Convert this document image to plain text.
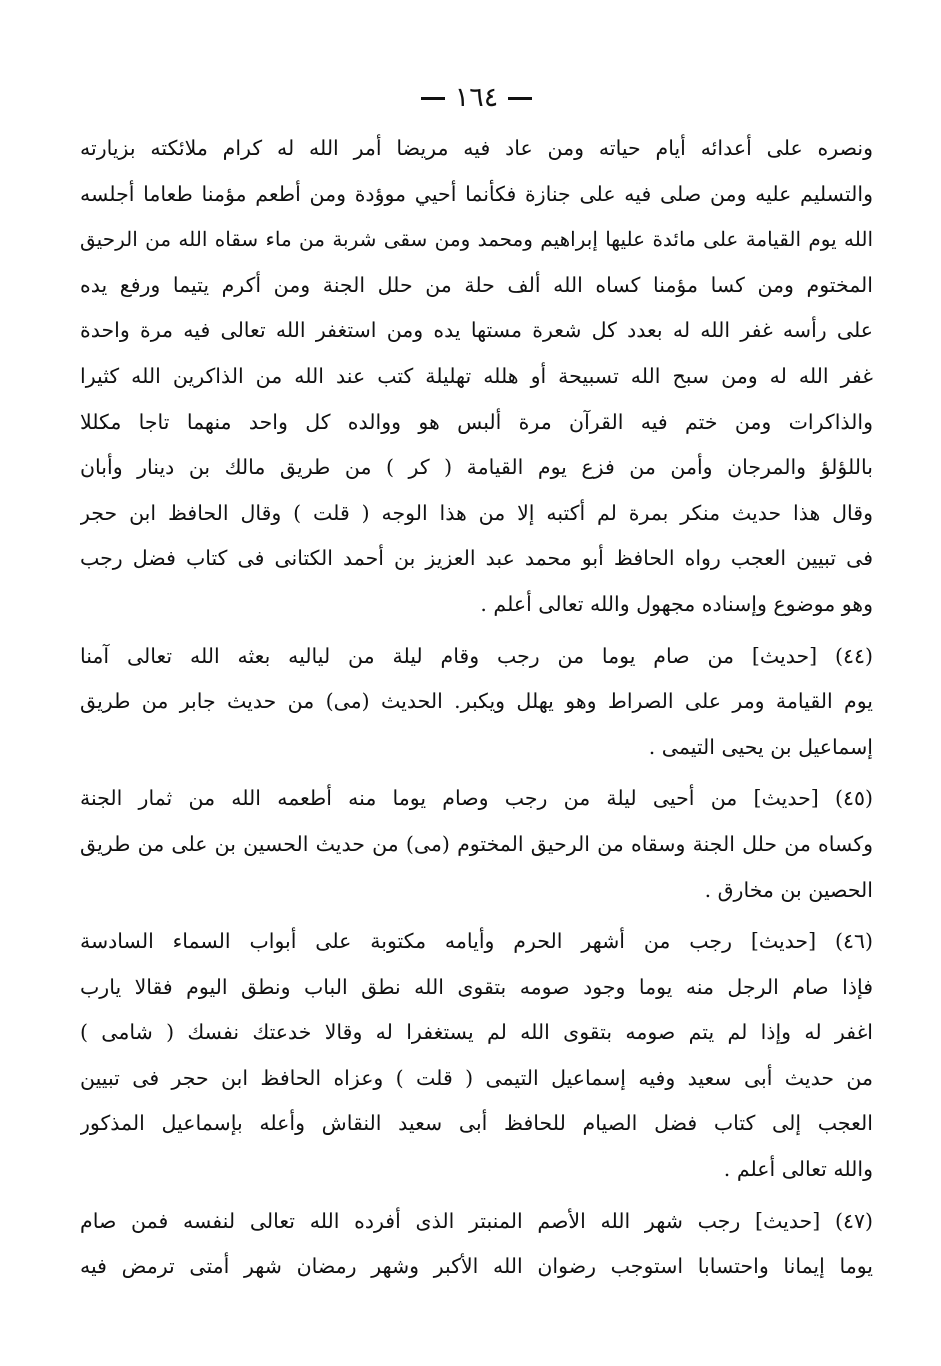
١٦٤
ونصره على أعدائه أيام حياته ومن عاد فيه مريضا أمر الله له كرام ملائكته بزيارته
والتسليم عليه ومن صلى فيه على جنازة فكأنما أحيي موؤدة ومن أطعم مؤمنا طعاما أجلسه
الله يوم القيامة على مائدة عليها إبراهيم ومحمد ومن سقى شربة من ماء سقاه الله من الرحيق
المختوم ومن كسا مؤمنا كساه الله ألف حلة من حلل الجنة ومن أكرم يتيما ورفع يده
على رأسه غفر الله له بعدد كل شعرة مستها يده ومن استغفر الله تعالى فيه مرة واحدة
غفر الله له ومن سبح الله تسبيحة أو هلله تهليلة كتب عند الله من الذاكرين الله كثيرا
والذاكرات ومن ختم فيه القرآن مرة ألبس هو ووالده كل واحد منهما تاجا مكللا
باللؤلؤ والمرجان وأمن من فزع يوم القيامة ( كر ) من طريق مالك بن دينار وأبان
وقال هذا حديث منكر بمرة لم أكتبه إلا من هذا الوجه ( قلت ) وقال الحافظ ابن حجر
فى تبيين العجب رواه الحافظ أبو محمد عبد العزيز بن أحمد الكتانى فى كتاب فضل رجب
وهو موضوع وإسناده مجهول والله تعالى أعلم .
(٤٤) [حديث] من صام يوما من رجب وقام ليلة من لياليه بعثه الله تعالى آمنا
يوم القيامة ومر على الصراط وهو يهلل ويكبر. الحديث (مى) من حديث جابر من طريق
إسماعيل بن يحيى التيمى .
(٤٥) [حديث] من أحيى ليلة من رجب وصام يوما منه أطعمه الله من ثمار الجنة
وكساه من حلل الجنة وسقاه من الرحيق المختوم (مى) من حديث الحسين بن على من طريق
الحصين بن مخارق .
(٤٦) [حديث] رجب من أشهر الحرم وأيامه مكتوبة على أبواب السماء السادسة
فإذا صام الرجل منه يوما وجود صومه بتقوى الله نطق الباب ونطق اليوم فقالا يارب
اغفر له وإذا لم يتم صومه بتقوى الله لم يستغفرا له وقالا خدعتك نفسك ( شامى )
من حديث أبى سعيد وفيه إسماعيل التيمى ( قلت ) وعزاه الحافظ ابن حجر فى تبيين
العجب إلى كتاب فضل الصيام للحافظ أبى سعيد النقاش وأعله بإسماعيل المذكور
والله تعالى أعلم .
(٤٧) [حديث] رجب شهر الله الأصم المنبتر الذى أفرده الله تعالى لنفسه فمن صام
يوما إيمانا واحتسابا استوجب رضوان الله الأكبر وشهر رمضان شهر أمتى ترمض فيه
